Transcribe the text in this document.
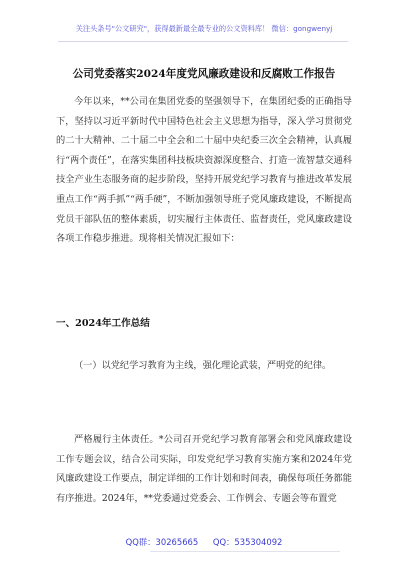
关注头条号"公文研究"，获得最新最全最专业的公文资料库！ 微信：gongwenyj
公司党委落实2024年度党风廉政建设和反腐败工作报告

今年以来，**公司在集团党委的坚强领导下，在集团纪委的正确指导下，坚持以习近平新时代中国特色社会主义思想为指导，深入学习贯彻党的二十大精神、二十届二中全会和二十届中央纪委三次全会精神，认真履行“两个责任”，在落实集团科技板块资源深度整合、打造一流智慧交通科技全产业生态服务商的起步阶段，坚持开展党纪学习教育与推进改革发展重点工作“两手抓”“两手硬”，不断加强领导班子党风廉政建设，不断提高党员干部队伍的整体素质，切实履行主体责任、监督责任，党风廉政建设各项工作稳步推进。现将相关情况汇报如下：

一、2024年工作总结

（一）以党纪学习教育为主线，强化理论武装，严明党的纪律。

严格履行主体责任。*公司召开党纪学习教育部署会和党风廉政建设工作专题会议，结合公司实际，印发党纪学习教育实施方案和2024年党风廉政建设工作要点，制定详细的工作计划和时间表，确保每项任务都能有序推进。2024年，**党委通过党委会、工作例会、专题会等布置党

QQ群：30265665 QQ：535304092
